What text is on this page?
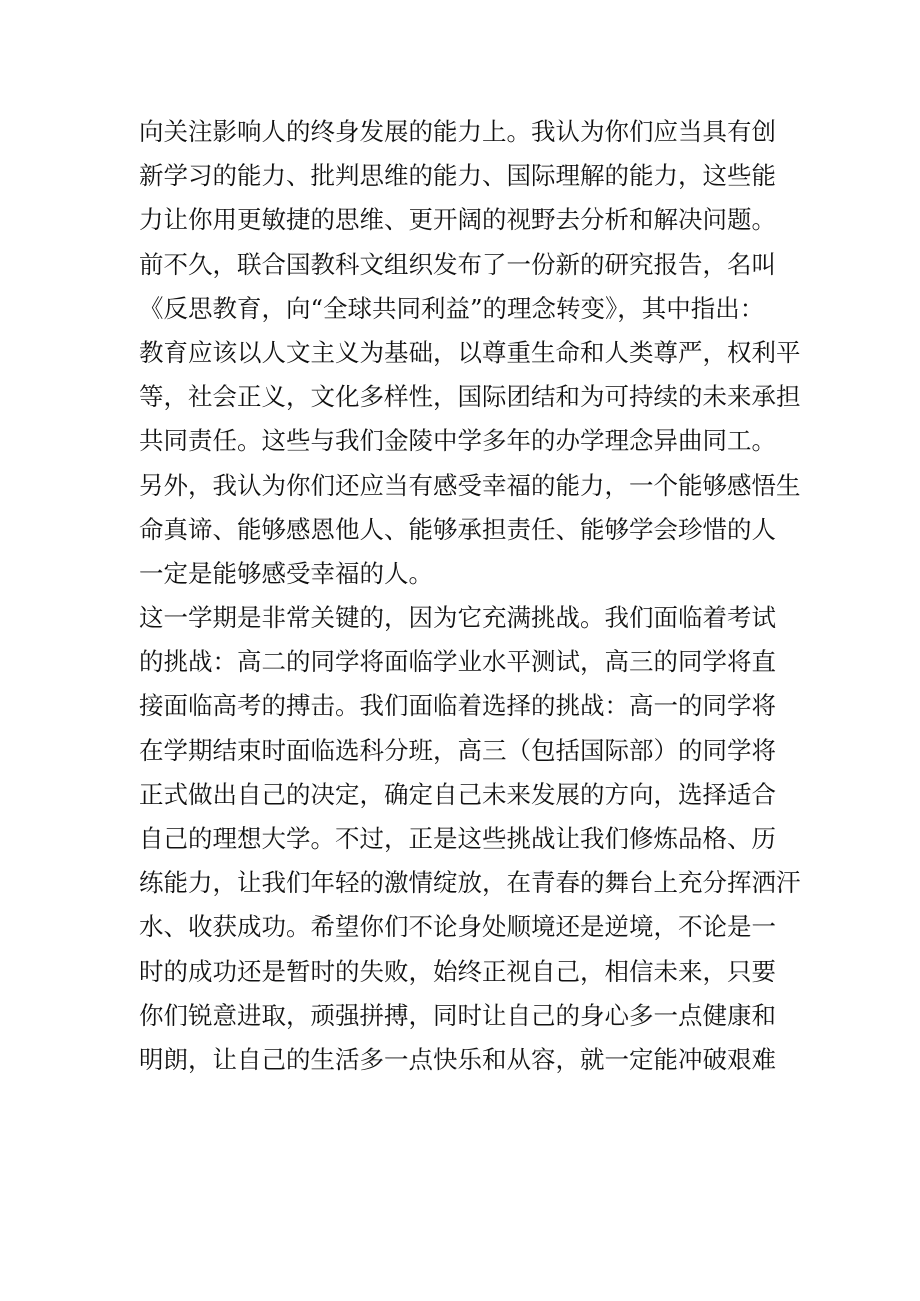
向关注影响人的终身发展的能力上。我认为你们应当具有创
新学习的能力、批判思维的能力、国际理解的能力，这些能
力让你用更敏捷的思维、更开阔的视野去分析和解决问题。
前不久，联合国教科文组织发布了一份新的研究报告，名叫
《反思教育，向“全球共同利益”的理念转变》，其中指出：
教育应该以人文主义为基础，以尊重生命和人类尊严，权利平
等，社会正义，文化多样性，国际团结和为可持续的未来承担
共同责任。这些与我们金陵中学多年的办学理念异曲同工。
另外，我认为你们还应当有感受幸福的能力，一个能够感悟生
命真谛、能够感恩他人、能够承担责任、能够学会珍惜的人
一定是能够感受幸福的人。
这一学期是非常关键的，因为它充满挑战。我们面临着考试
的挑战：高二的同学将面临学业水平测试，高三的同学将直
接面临高考的搏击。我们面临着选择的挑战：高一的同学将
在学期结束时面临选科分班，高三（包括国际部）的同学将
正式做出自己的决定，确定自己未来发展的方向，选择适合
自己的理想大学。不过，正是这些挑战让我们修炼品格、历
练能力，让我们年轻的激情绽放，在青春的舞台上充分挥洒汗
水、收获成功。希望你们不论身处顺境还是逆境，不论是一
时的成功还是暂时的失败，始终正视自己，相信未来，只要
你们锐意进取，顽强拼搏，同时让自己的身心多一点健康和
明朗，让自己的生活多一点快乐和从容，就一定能冲破艰难
